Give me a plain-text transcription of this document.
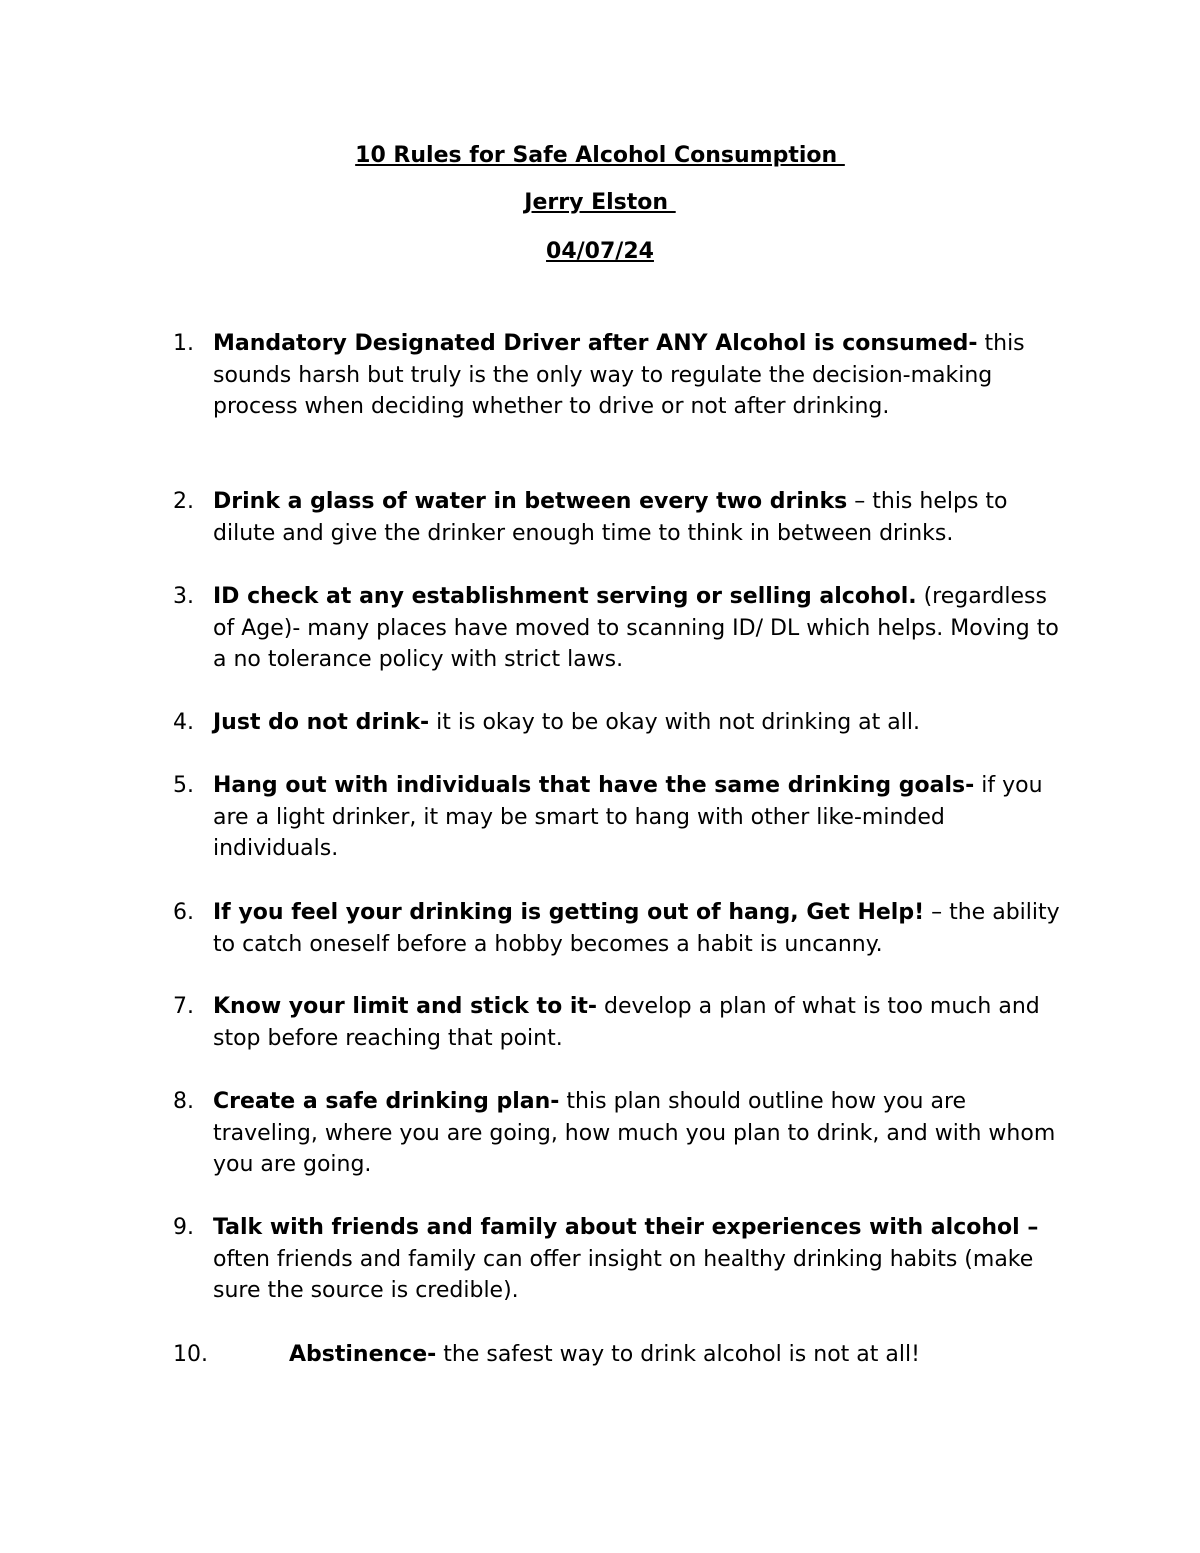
10 Rules for Safe Alcohol Consumption
Jerry Elston
04/07/24
1. Mandatory Designated Driver after ANY Alcohol is consumed- this sounds harsh but truly is the only way to regulate the decision-making process when deciding whether to drive or not after drinking.
2. Drink a glass of water in between every two drinks – this helps to dilute and give the drinker enough time to think in between drinks.
3. ID check at any establishment serving or selling alcohol. (regardless of Age)- many places have moved to scanning ID/ DL which helps. Moving to a no tolerance policy with strict laws.
4. Just do not drink- it is okay to be okay with not drinking at all.
5. Hang out with individuals that have the same drinking goals- if you are a light drinker, it may be smart to hang with other like-minded individuals.
6. If you feel your drinking is getting out of hang, Get Help! – the ability to catch oneself before a hobby becomes a habit is uncanny.
7. Know your limit and stick to it- develop a plan of what is too much and stop before reaching that point.
8. Create a safe drinking plan- this plan should outline how you are traveling, where you are going, how much you plan to drink, and with whom you are going.
9. Talk with friends and family about their experiences with alcohol – often friends and family can offer insight on healthy drinking habits (make sure the source is credible).
10.	Abstinence- the safest way to drink alcohol is not at all!
